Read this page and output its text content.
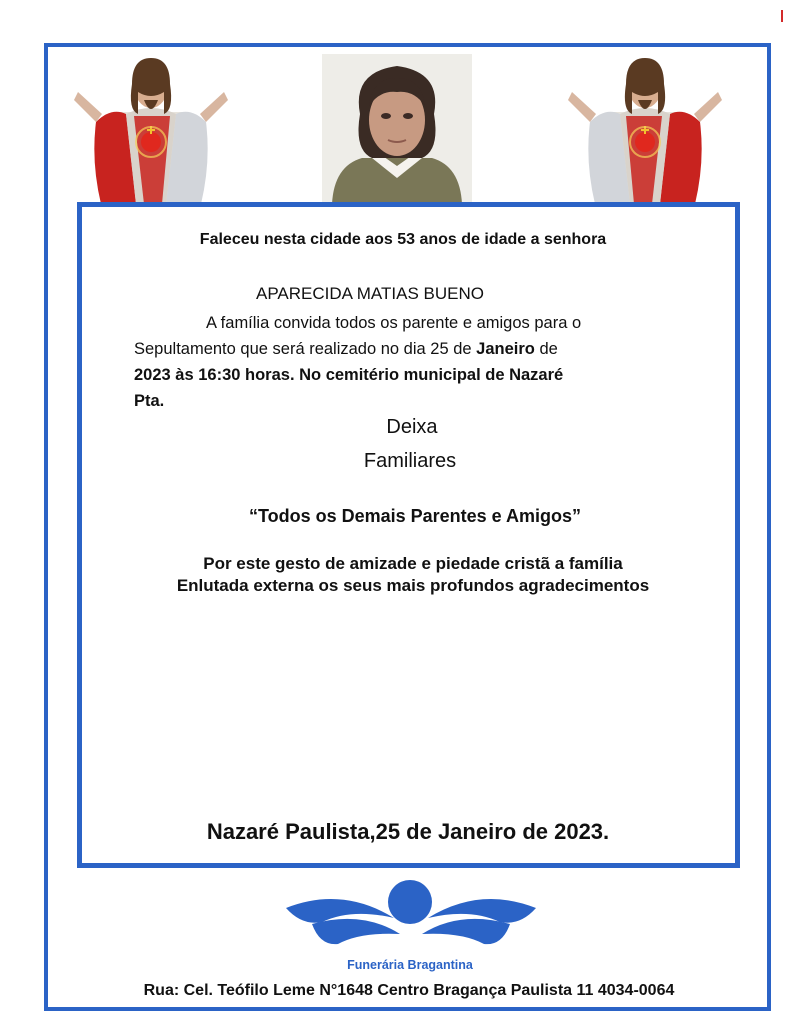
Faleceu nesta cidade aos 53 anos de idade a senhora
APARECIDA MATIAS BUENO
A família convida todos os parente e amigos para o
Sepultamento que será realizado no dia 25 de Janeiro de
2023 às 16:30 horas. No cemitério municipal de Nazaré
Pta.
Deixa
Familiares
“Todos os Demais Parentes e Amigos”
Por este gesto de amizade e piedade cristã a família
Enlutada externa os seus mais profundos agradecimentos
Nazaré Paulista,25 de Janeiro de 2023.
Funerária Bragantina
Rua: Cel. Teófilo Leme N°1648 Centro Bragança Paulista 11 4034-0064
